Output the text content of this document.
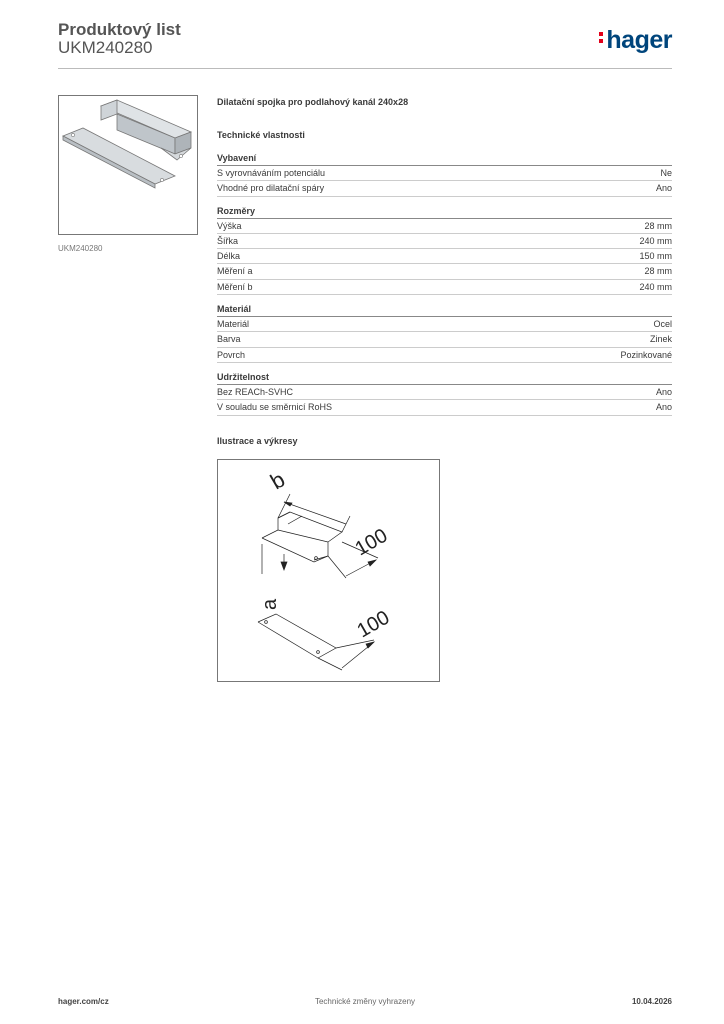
Produktový list
UKM240280	hager
UKM240280
Dilatační spojka pro podlahový kanál 240x28
Technické vlastnosti
Vybavení
S vyrovnáváním potenciálu	Ne
Vhodné pro dilatační spáry	Ano
Rozměry
Výška	28 mm
Šířka	240 mm
Délka	150 mm
Měření a	28 mm
Měření b	240 mm
Materiál
Materiál	Ocel
Barva	Zinek
Povrch	Pozinkované
Udržitelnost
Bez REACh-SVHC	Ano
V souladu se směrnicí RoHS	Ano
Ilustrace a výkresy
b
100
a
100
hager.com/cz	Technické změny vyhrazeny	10.04.2026
